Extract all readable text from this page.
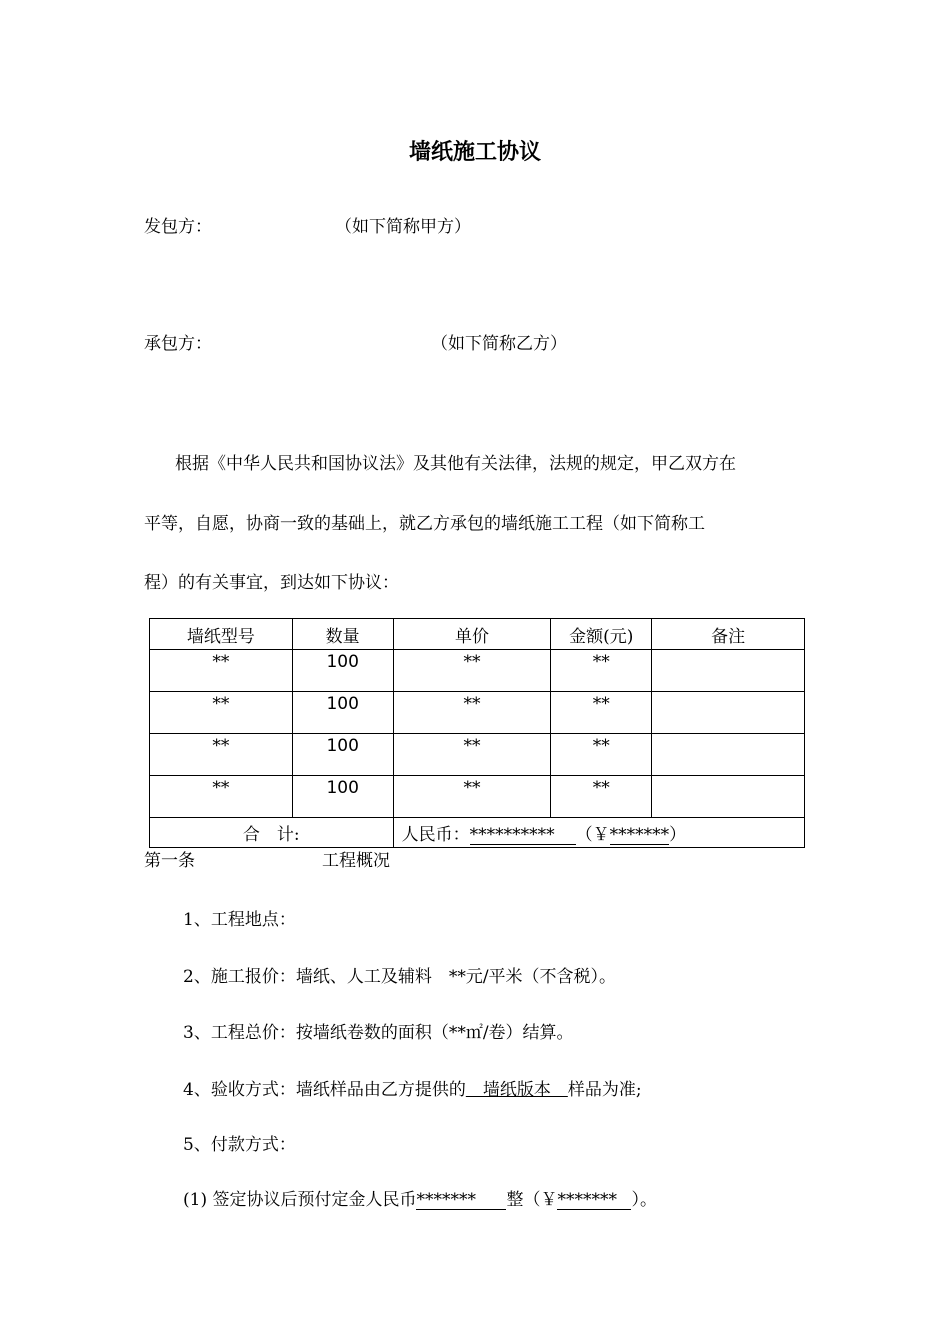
墙纸施工协议
发包方：	（如下简称甲方）
承包方：	（如下简称乙方）
根据《中华人民共和国协议法》及其他有关法律，法规的规定，甲乙双方在
平等，自愿，协商一致的基础上，就乙方承包的墙纸施工工程（如下简称工
程）的有关事宜，到达如下协议：
墙纸型号	数量	单价	金额(元)	备注
**	100	**	**	
**	100	**	**	
**	100	**	**	
**	100	**	**	
合　计:		人民币：********** （￥*******）		
第一条	工程概况
1、工程地点：
2、施工报价：墙纸、人工及辅料　**元/平米（不含税）。
3、工程总价：按墙纸卷数的面积（**㎡/卷）结算。
4、验收方式：墙纸样品由乙方提供的　墙纸版本　样品为准;
5、付款方式：
(1) 签定协议后预付定金人民币******* 整（￥******* ）。
